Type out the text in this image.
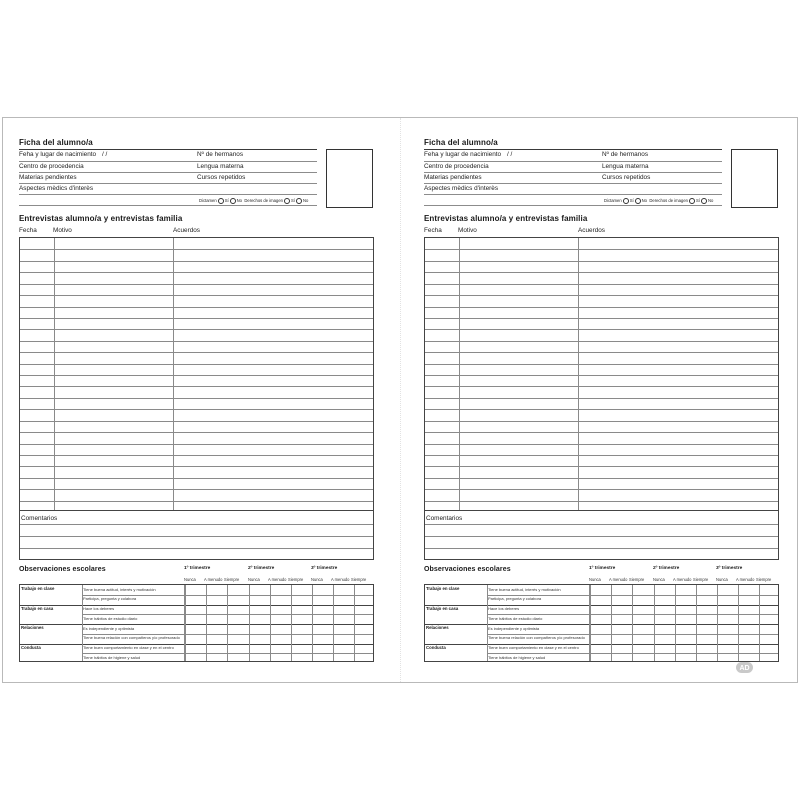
Ficha del alumno/a
Feha y lugar de nacimiento / /	Nº de hermanos
Centro de procedencia	Lengua materna
Materias pendientes	Cursos repetidos
Aspectes mèdics d'interès
Dictamen Sí No Derechos de imagen Sí No
Entrevistas alumno/a y entrevistas familia
Fecha	Motivo	Acuerdos
Comentarios
Observaciones escolares	1º trimestre	2º trimestre	3º trimestre
Nunca A menudo Siempre Nunca A menudo Siempre Nunca A menudo Siempre
Trabajo en clase	Tiene buena actitud, interés y motivación
Participa, pregunta y colabora
Trabajo en casa	Hace los deberes
Tiene hábitos de estudio diario
Relaciones	Es independiente y optimista
Tiene buena relación con compañeros y/o profesorado
Conducta	Tiene buen comportamiento en clase y en el centro
Tiene hábitos de higiene y salud
Ficha del alumno/a
Feha y lugar de nacimiento / /	Nº de hermanos
Centro de procedencia	Lengua materna
Materias pendientes	Cursos repetidos
Aspectes mèdics d'interès
Dictamen Sí No Derechos de imagen Sí No
Entrevistas alumno/a y entrevistas familia
Fecha	Motivo	Acuerdos
Comentarios
Observaciones escolares	1º trimestre	2º trimestre	3º trimestre
Nunca A menudo Siempre Nunca A menudo Siempre Nunca A menudo Siempre
Trabajo en clase	Tiene buena actitud, interés y motivación
Participa, pregunta y colabora
Trabajo en casa	Hace los deberes
Tiene hábitos de estudio diario
Relaciones	Es independiente y optimista
Tiene buena relación con compañeros y/o profesorado
Conducta	Tiene buen comportamiento en clase y en el centro
Tiene hábitos de higiene y salud
AD
